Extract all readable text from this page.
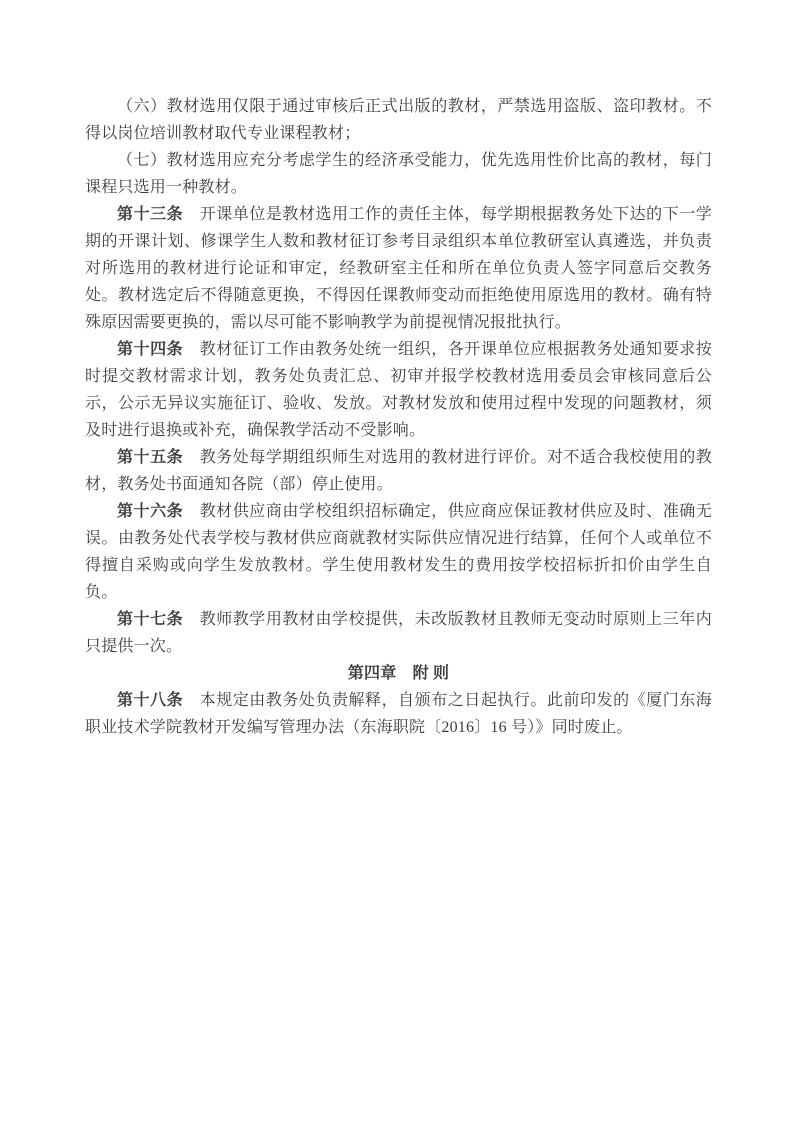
（六）教材选用仅限于通过审核后正式出版的教材，严禁选用盗版、盗印教材。不得以岗位培训教材取代专业课程教材；

（七）教材选用应充分考虑学生的经济承受能力，优先选用性价比高的教材，每门课程只选用一种教材。

第十三条　开课单位是教材选用工作的责任主体，每学期根据教务处下达的下一学期的开课计划、修课学生人数和教材征订参考目录组织本单位教研室认真遴选，并负责对所选用的教材进行论证和审定，经教研室主任和所在单位负责人签字同意后交教务处。教材选定后不得随意更换，不得因任课教师变动而拒绝使用原选用的教材。确有特殊原因需要更换的，需以尽可能不影响教学为前提视情况报批执行。

第十四条　教材征订工作由教务处统一组织，各开课单位应根据教务处通知要求按时提交教材需求计划，教务处负责汇总、初审并报学校教材选用委员会审核同意后公示，公示无异议实施征订、验收、发放。对教材发放和使用过程中发现的问题教材，须及时进行退换或补充，确保教学活动不受影响。

第十五条　教务处每学期组织师生对选用的教材进行评价。对不适合我校使用的教材，教务处书面通知各院（部）停止使用。

第十六条　教材供应商由学校组织招标确定，供应商应保证教材供应及时、准确无误。由教务处代表学校与教材供应商就教材实际供应情况进行结算，任何个人或单位不得擅自采购或向学生发放教材。学生使用教材发生的费用按学校招标折扣价由学生自负。

第十七条　教师教学用教材由学校提供，未改版教材且教师无变动时原则上三年内只提供一次。

第四章　附 则

第十八条　本规定由教务处负责解释，自颁布之日起执行。此前印发的《厦门东海职业技术学院教材开发编写管理办法（东海职院〔2016〕16 号）》同时废止。
